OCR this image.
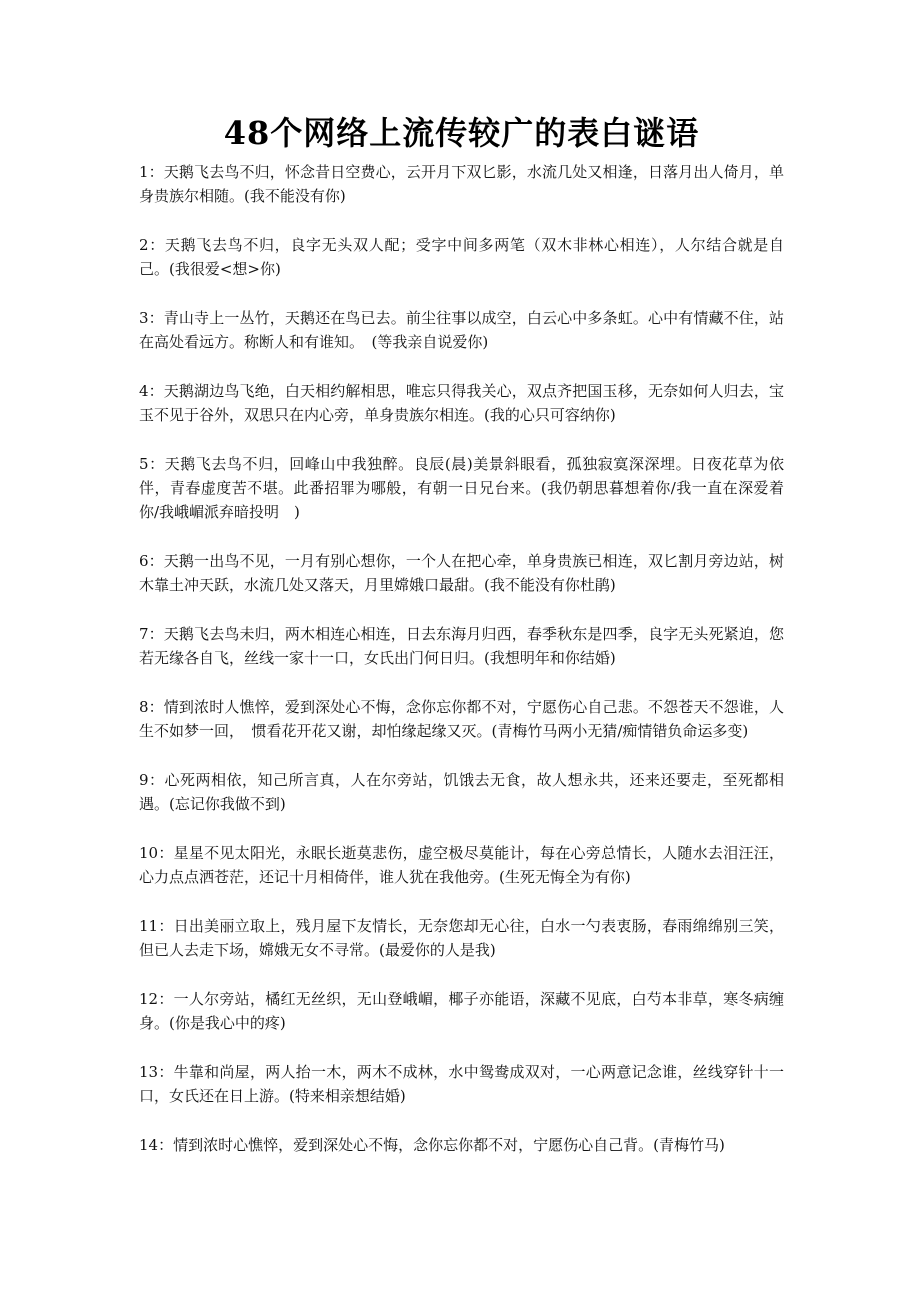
48个网络上流传较广的表白谜语

1：天鹅飞去鸟不归，怀念昔日空费心，云开月下双匕影，水流几处又相逢，日落月出人倚月，单身贵族尔相随。(我不能没有你)

2：天鹅飞去鸟不归，良字无头双人配；受字中间多两笔（双木非林心相连），人尔结合就是自己。(我很爱<想>你)

3：青山寺上一丛竹，天鹅还在鸟已去。前尘往事以成空，白云心中多条虹。心中有情藏不住，站在高处看远方。称断人和有谁知。　(等我亲自说爱你)

4：天鹅湖边鸟飞绝，白天相约解相思，唯忘只得我关心，双点齐把国玉移，无奈如何人归去，宝玉不见于谷外，双思只在内心旁，单身贵族尔相连。(我的心只可容纳你)

5：天鹅飞去鸟不归，回峰山中我独醉。良辰(晨)美景斜眼看，孤独寂寞深深埋。日夜花草为依伴，青春虚度苦不堪。此番招罪为哪般，有朝一日兄台来。(我仍朝思暮想着你/我一直在深爱着你/我峨嵋派弃暗投明　)

6：天鹅一出鸟不见，一月有别心想你，一个人在把心牵，单身贵族已相连，双匕割月旁边站，树木靠土冲天跃，水流几处又落天，月里嫦娥口最甜。(我不能没有你杜鹃)

7：天鹅飞去鸟未归，两木相连心相连，日去东海月归西，春季秋东是四季，良字无头死紧迫，您若无缘各自飞，丝线一家十一口，女氏出门何日归。(我想明年和你结婚)

8：情到浓时人憔悴，爱到深处心不悔，念你忘你都不对，宁愿伤心自己悲。不怨苍天不怨谁，人生不如梦一回，　惯看花开花又谢，却怕缘起缘又灭。(青梅竹马两小无猜/痴情错负命运多变)

9：心死两相依，知己所言真，人在尔旁站，饥饿去无食，故人想永共，还来还要走，至死都相遇。(忘记你我做不到)

10：星星不见太阳光，永眠长逝莫悲伤，虚空极尽莫能计，每在心旁总情长，人随水去泪汪汪，心力点点洒苍茫，还记十月相倚伴，谁人犹在我他旁。(生死无悔全为有你)

11：日出美丽立取上，残月屋下友情长，无奈您却无心往，白水一勺表衷肠，春雨绵绵别三笑，但已人去走下场，嫦娥无女不寻常。(最爱你的人是我)

12：一人尔旁站，橘红无丝织，无山登峨嵋，椰子亦能语，深藏不见底，白芍本非草，寒冬病缠身。(你是我心中的疼)

13：牛靠和尚屋，两人抬一木，两木不成林，水中鸳鸯成双对，一心两意记念谁，丝线穿针十一口，女氏还在日上游。(特来相亲想结婚)

14：情到浓时心憔悴，爱到深处心不悔，念你忘你都不对，宁愿伤心自己背。(青梅竹马)
